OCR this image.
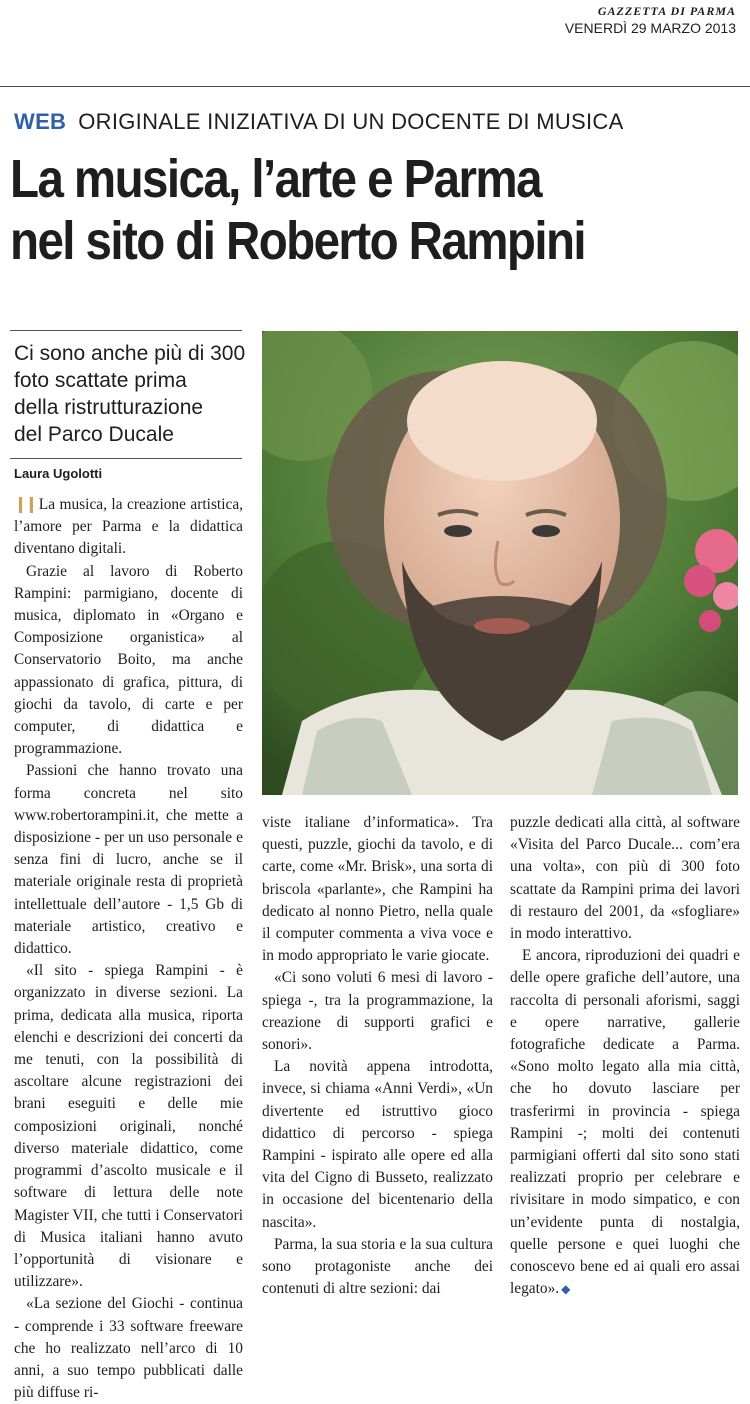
GAZZETTA DI PARMA
VENERDÌ 29 MARZO 2013
WEB ORIGINALE INIZIATIVA DI UN DOCENTE DI MUSICA
La musica, l’arte e Parma
nel sito di Roberto Rampini
Ci sono anche più di 300
foto scattate prima
della ristrutturazione
del Parco Ducale
Laura Ugolotti

❙❙ La musica, la creazione artistica, l’amore per Parma e la didattica diventano digitali.

Grazie al lavoro di Roberto Rampini: parmigiano, docente di musica, diplomato in «Organo e Composizione organistica» al Conservatorio Boito, ma anche appassionato di grafica, pittura, di giochi da tavolo, di carte e per computer, di didattica e programmazione.

Passioni che hanno trovato una forma concreta nel sito www.robertorampini.it, che mette a disposizione - per un uso personale e senza fini di lucro, anche se il materiale originale resta di proprietà intellettuale dell’autore - 1,5 Gb di materiale artistico, creativo e didattico.

«Il sito - spiega Rampini - è organizzato in diverse sezioni. La prima, dedicata alla musica, riporta elenchi e descrizioni dei concerti da me tenuti, con la possibilità di ascoltare alcune registrazioni dei brani eseguiti e delle mie composizioni originali, nonché diverso materiale didattico, come programmi d’ascolto musicale e il software di lettura delle note Magister VII, che tutti i Conservatori di Musica italiani hanno avuto l’opportunità di visionare e utilizzare».

«La sezione del Giochi - continua - comprende i 33 software freeware che ho realizzato nell’arco di 10 anni, a suo tempo pubblicati dalle più diffuse ri-

viste italiane d’informatica». Tra questi, puzzle, giochi da tavolo, e di carte, come «Mr. Brisk», una sorta di briscola «parlante», che Rampini ha dedicato al nonno Pietro, nella quale il computer commenta a viva voce e in modo appropriato le varie giocate.

«Ci sono voluti 6 mesi di lavoro - spiega -, tra la programmazione, la creazione di supporti grafici e sonori».

La novità appena introdotta, invece, si chiama «Anni Verdi», «Un divertente ed istruttivo gioco didattico di percorso - spiega Rampini - ispirato alle opere ed alla vita del Cigno di Busseto, realizzato in occasione del bicentenario della nascita».

Parma, la sua storia e la sua cultura sono protagoniste anche dei contenuti di altre sezioni: dai

puzzle dedicati alla città, al software «Visita del Parco Ducale... com’era una volta», con più di 300 foto scattate da Rampini prima dei lavori di restauro del 2001, da «sfogliare» in modo interattivo.

E ancora, riproduzioni dei quadri e delle opere grafiche dell’autore, una raccolta di personali aforismi, saggi e opere narrative, gallerie fotografiche dedicate a Parma. «Sono molto legato alla mia città, che ho dovuto lasciare per trasferirmi in provincia - spiega Rampini -; molti dei contenuti parmigiani offerti dal sito sono stati realizzati proprio per celebrare e rivisitare in modo simpatico, e con un’evidente punta di nostalgia, quelle persone e quei luoghi che conoscevo bene ed ai quali ero assai legato». ◆
